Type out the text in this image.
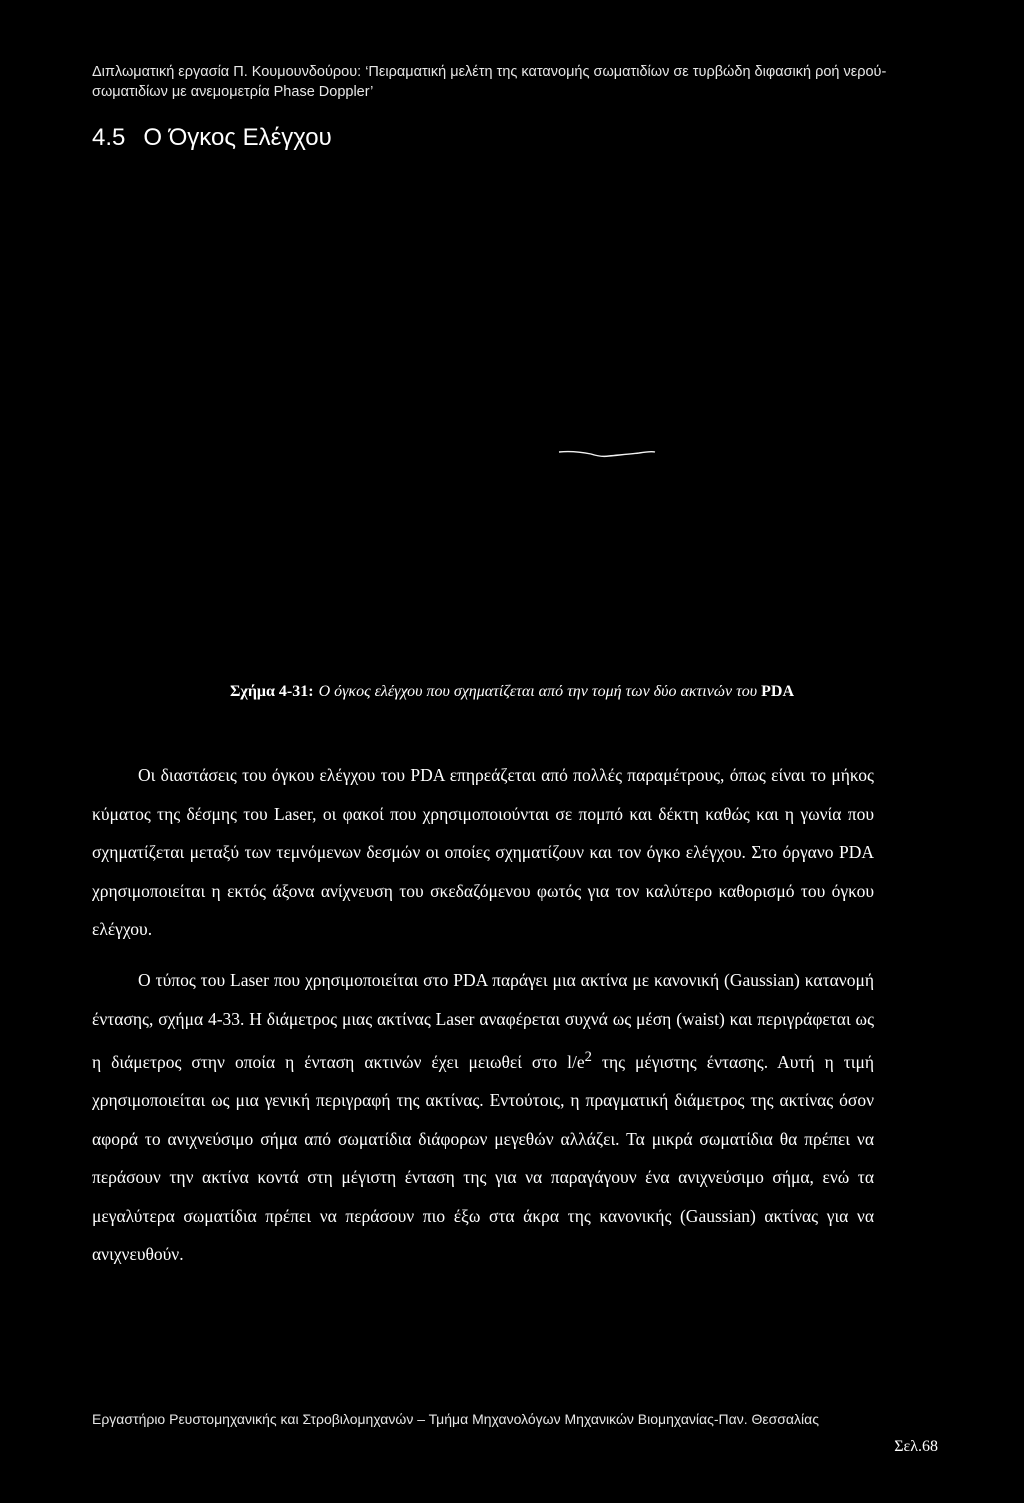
Διπλωματική εργασία Π. Κουμουνδούρου: ‘Πειραματική μελέτη της κατανομής σωματιδίων σε τυρβώδη διφασική ροή νερού-σωματιδίων με ανεμομετρία Phase Doppler’
4.5 Ο Όγκος Ελέγχου
Σχήμα 4-31: Ο όγκος ελέγχου που σχηματίζεται από την τομή των δύο ακτινών του PDA
Οι διαστάσεις του όγκου ελέγχου του PDA επηρεάζεται από πολλές παραμέτρους, όπως είναι το μήκος κύματος της δέσμης του Laser, οι φακοί που χρησιμοποιούνται σε πομπό και δέκτη καθώς και η γωνία που σχηματίζεται μεταξύ των τεμνόμενων δεσμών οι οποίες σχηματίζουν και τον όγκο ελέγχου. Στο όργανο PDA χρησιμοποιείται η εκτός άξονα ανίχνευση του σκεδαζόμενου φωτός για τον καλύτερο καθορισμό του όγκου ελέγχου.
Ο τύπος του Laser που χρησιμοποιείται στο PDA παράγει μια ακτίνα με κανονική (Gaussian) κατανομή έντασης, σχήμα 4-33. Η διάμετρος μιας ακτίνας Laser αναφέρεται συχνά ως μέση (waist) και περιγράφεται ως η διάμετρος στην οποία η ένταση ακτινών έχει μειωθεί στο $l/e^2$ της μέγιστης έντασης. Αυτή η τιμή χρησιμοποιείται ως μια γενική περιγραφή της ακτίνας. Εντούτοις, η πραγματική διάμετρος της ακτίνας όσον αφορά το ανιχνεύσιμο σήμα από σωματίδια διάφορων μεγεθών αλλάζει. Τα μικρά σωματίδια θα πρέπει να περάσουν την ακτίνα κοντά στη μέγιστη ένταση της για να παραγάγουν ένα ανιχνεύσιμο σήμα, ενώ τα μεγαλύτερα σωματίδια πρέπει να περάσουν πιο έξω στα άκρα της κανονικής (Gaussian) ακτίνας για να ανιχνευθούν.
Εργαστήριο Ρευστομηχανικής και Στροβιλομηχανών – Τμήμα Μηχανολόγων Μηχανικών Βιομηχανίας-Παν. Θεσσαλίας
Σελ.68
